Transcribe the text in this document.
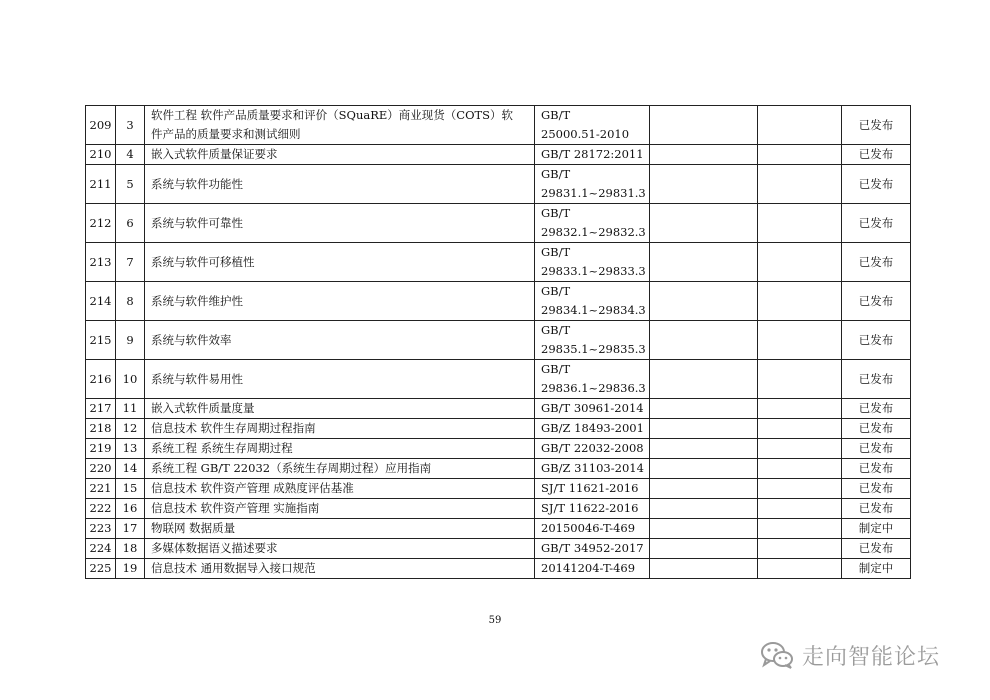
209	3	软件工程 软件产品质量要求和评价（SQuaRE）商业现货（COTS）软
件产品的质量要求和测试细则	GB/T
25000.51-2010			已发布
210	4	嵌入式软件质量保证要求	GB/T 28172:2011			已发布
211	5	系统与软件功能性	GB/T
29831.1~29831.3			已发布
212	6	系统与软件可靠性	GB/T
29832.1~29832.3			已发布
213	7	系统与软件可移植性	GB/T
29833.1~29833.3			已发布
214	8	系统与软件维护性	GB/T
29834.1~29834.3			已发布
215	9	系统与软件效率	GB/T
29835.1~29835.3			已发布
216	10	系统与软件易用性	GB/T
29836.1~29836.3			已发布
217	11	嵌入式软件质量度量	GB/T 30961-2014			已发布
218	12	信息技术 软件生存周期过程指南	GB/Z 18493-2001			已发布
219	13	系统工程 系统生存周期过程	GB/T 22032-2008			已发布
220	14	系统工程 GB/T 22032（系统生存周期过程）应用指南	GB/Z 31103-2014			已发布
221	15	信息技术 软件资产管理 成熟度评估基准	SJ/T 11621-2016			已发布
222	16	信息技术 软件资产管理 实施指南	SJ/T 11622-2016			已发布
223	17	物联网 数据质量	20150046-T-469			制定中
224	18	多媒体数据语义描述要求	GB/T 34952-2017			已发布
225	19	信息技术 通用数据导入接口规范	20141204-T-469			制定中
59
走向智能论坛
